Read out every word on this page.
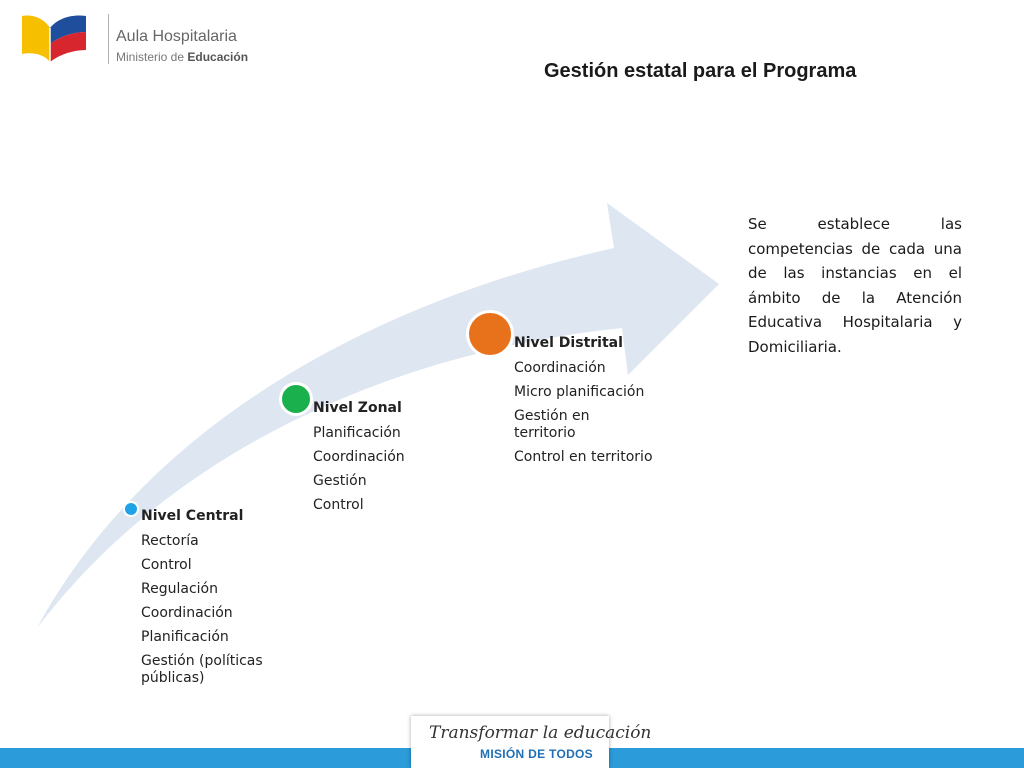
Aula Hospitalaria
Ministerio de Educación
Gestión estatal para el Programa
Nivel Central
Rectoría
Control
Regulación
Coordinación
Planificación
Gestión (políticas públicas)
Nivel Zonal
Planificación
Coordinación
Gestión
Control
Nivel Distrital
Coordinación
Micro planificación
Gestión en territorio
Control en territorio
Se establece las competencias de cada una de las instancias en el ámbito de la Atención Educativa Hospitalaria y Domiciliaria.
Transformar la educación
MISIÓN DE TODOS
